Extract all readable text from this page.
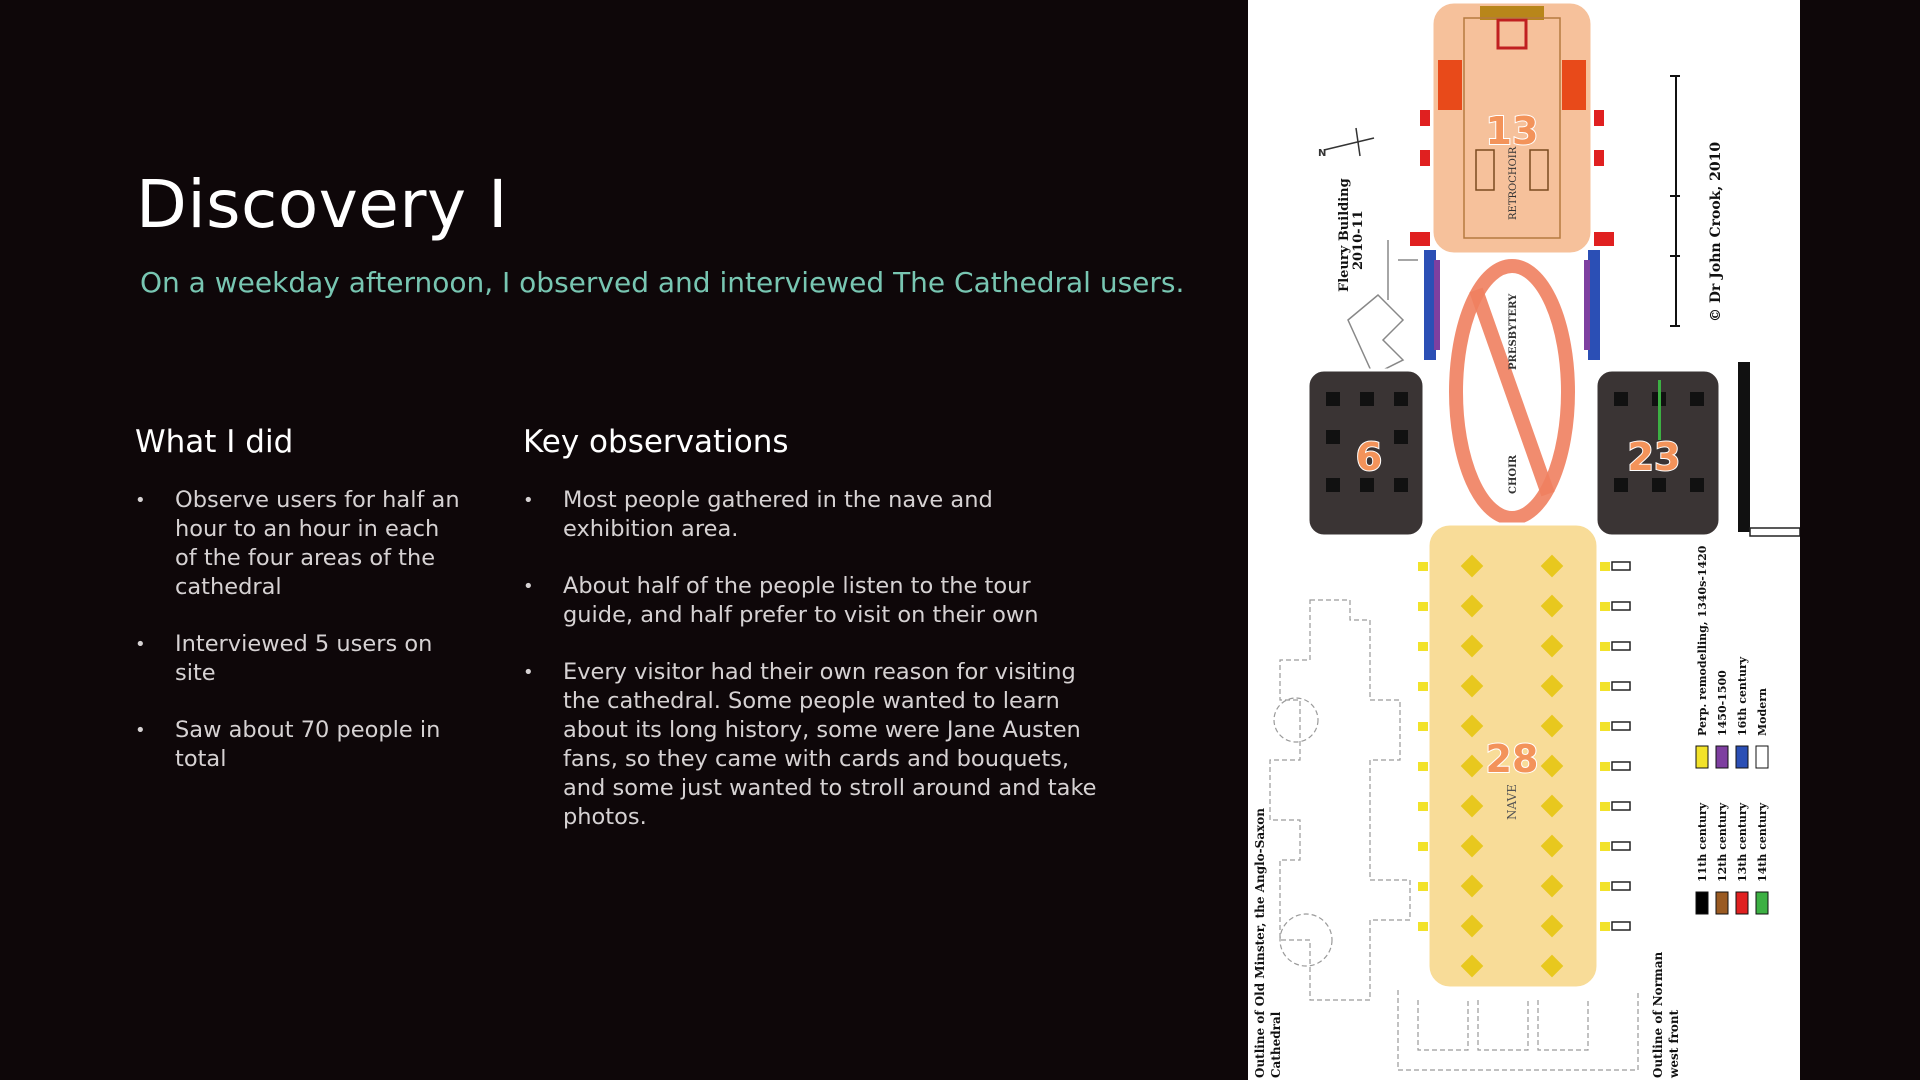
Discovery I
On a weekday afternoon, I observed and interviewed The Cathedral users.
What I did
• Observe users for half an hour to an hour in each of the four areas of the cathedral
• Interviewed 5 users on site
• Saw about 70 people in total
Key observations
• Most people gathered in the nave and exhibition area.
• About half of the people listen to the tour guide, and half prefer to visit on their own
• Every visitor had their own reason for visiting the cathedral. Some people wanted to learn about its long history, some were Jane Austen fans, so they came with cards and bouquets, and some just wanted to stroll around and take photos.
© Dr John Crook, 2010
Fleury Building 2010-11
RETROCHOIR
PRESBYTERY
CHOIR
NAVE
Outline of Old Minster, the Anglo-Saxon Cathedral	Outline of Norman west front
N
13
6	23
28
11th century 12th century 13th century 14th century
Perp. remodelling, 1340s-1420 1450-1500 16th century Modern
